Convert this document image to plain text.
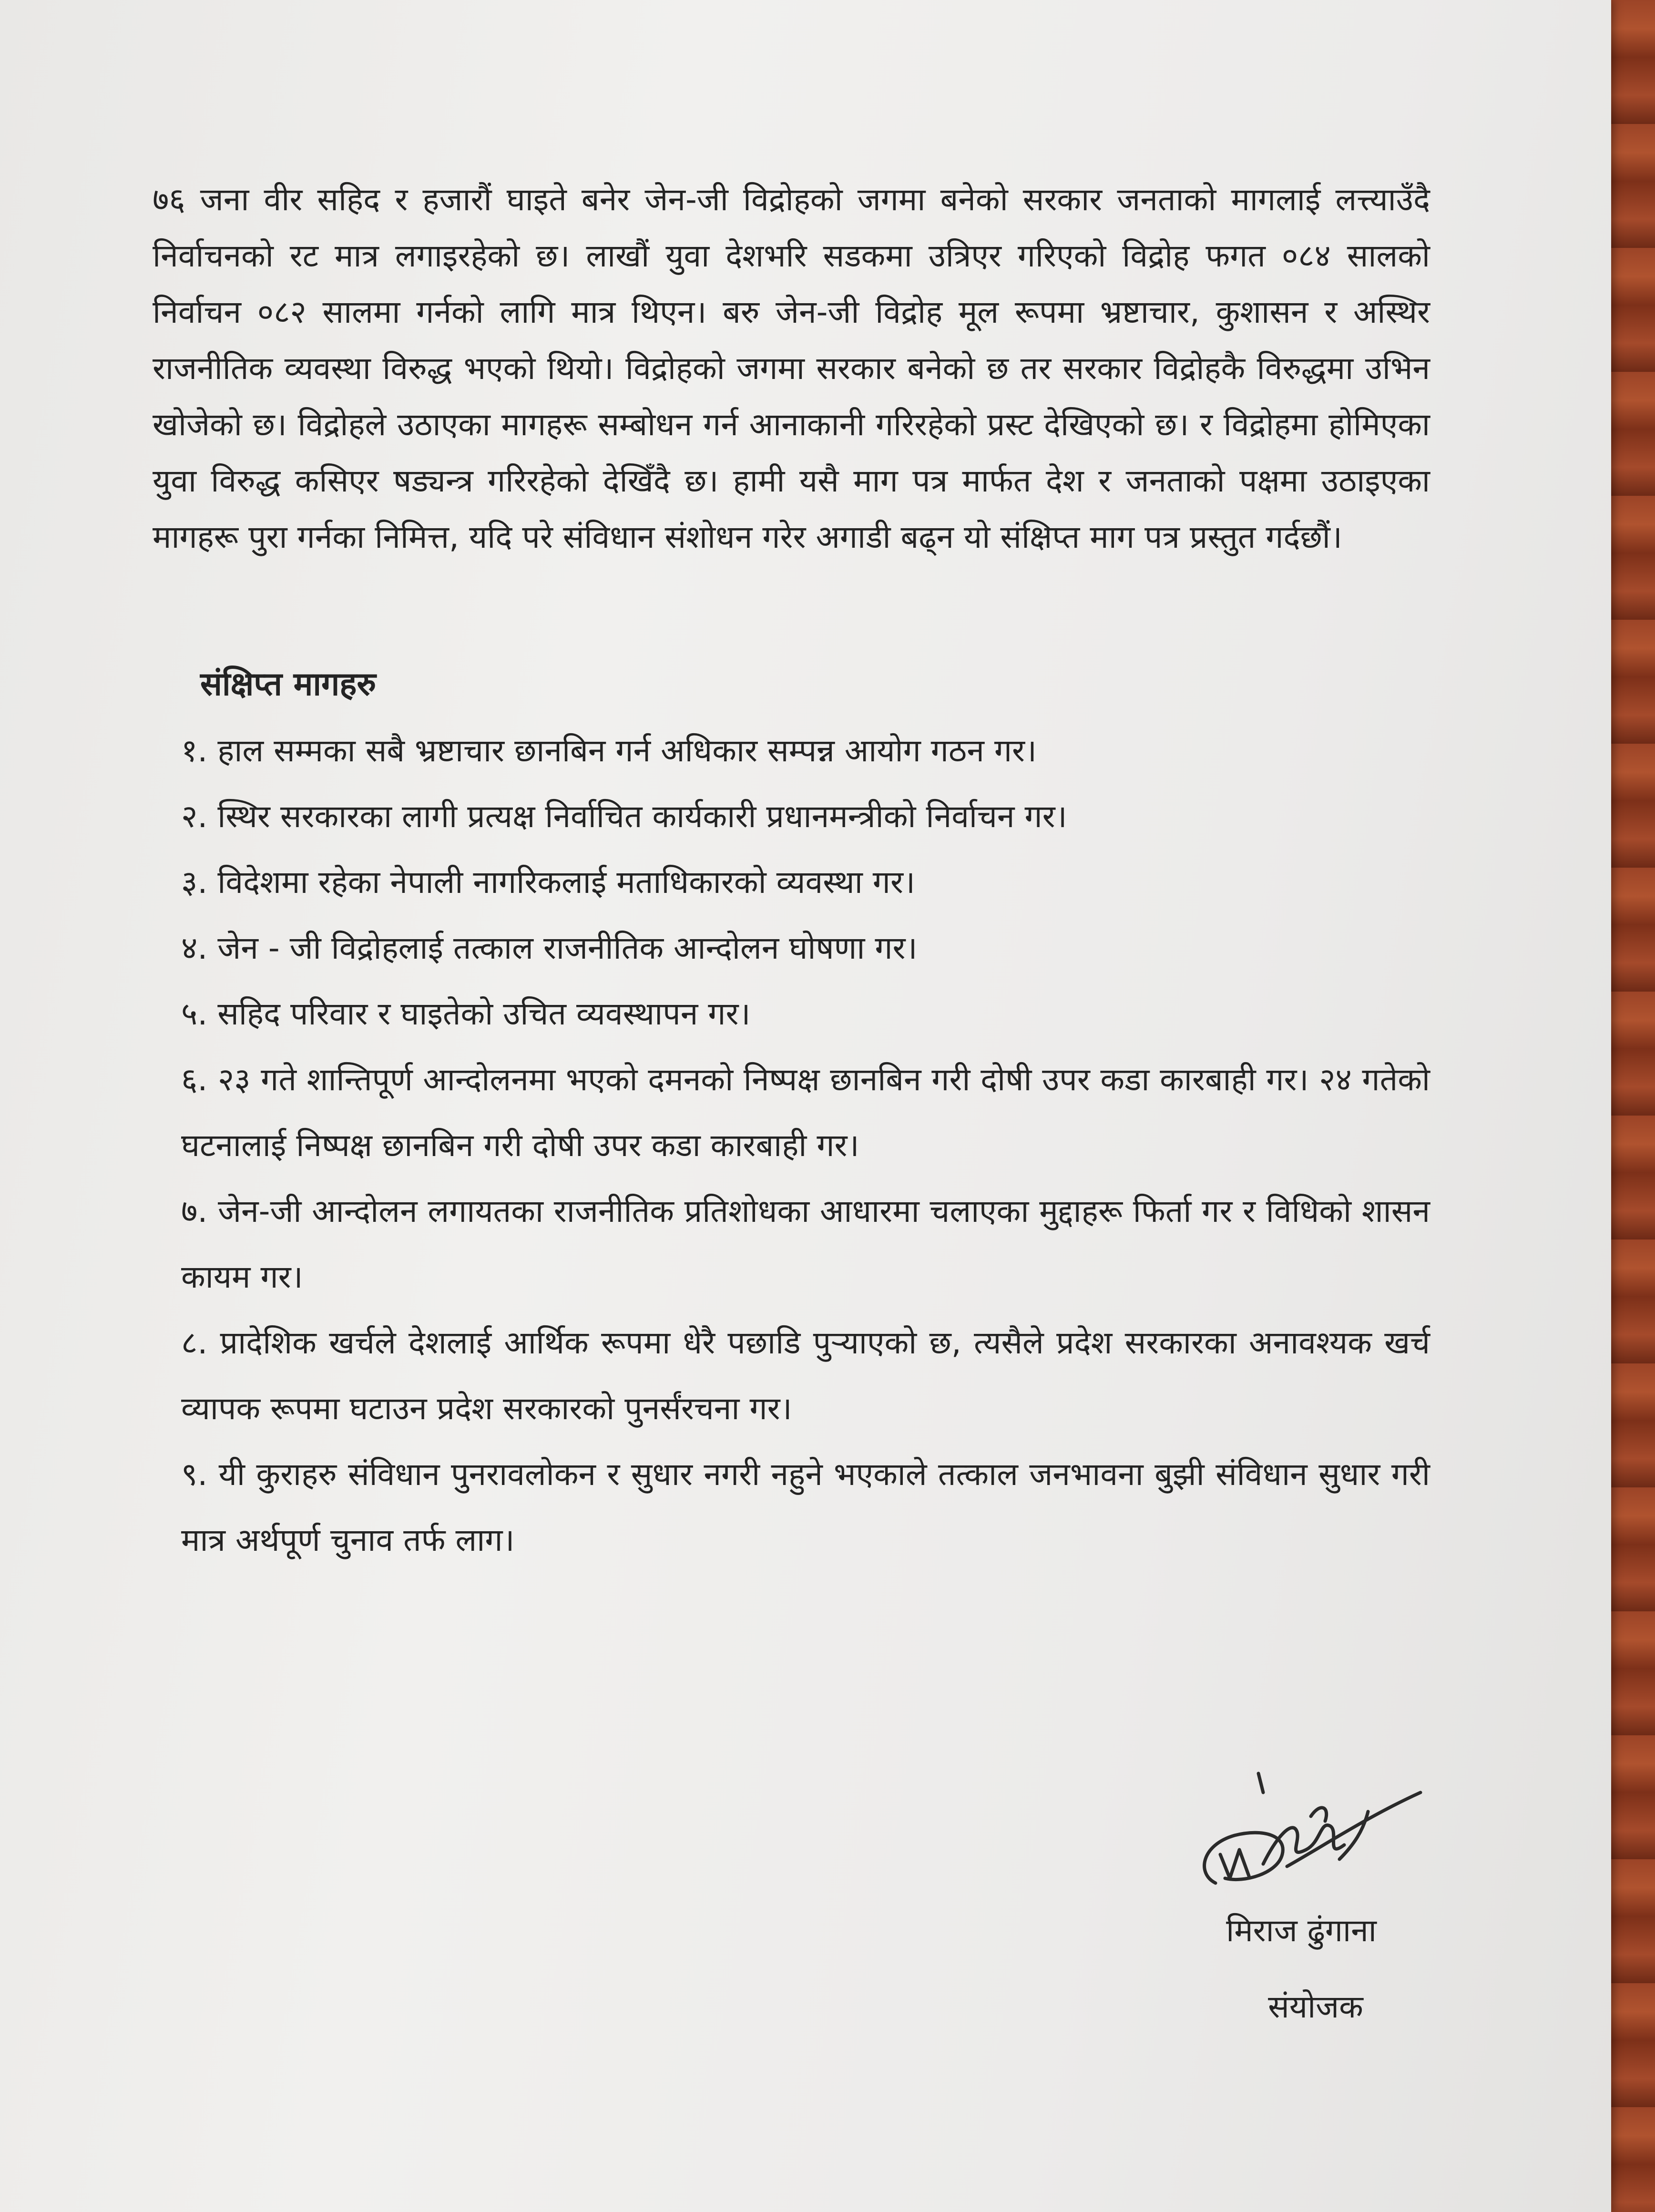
७६ जना वीर सहिद र हजारौं घाइते बनेर जेन-जी विद्रोहको जगमा बनेको सरकार जनताको मागलाई लत्त्याउँदै निर्वाचनको रट मात्र लगाइरहेको छ। लाखौं युवा देशभरि सडकमा उत्रिएर गरिएको विद्रोह फगत ०८४ सालको निर्वाचन ०८२ सालमा गर्नको लागि मात्र थिएन। बरु जेन-जी विद्रोह मूल रूपमा भ्रष्टाचार, कुशासन र अस्थिर राजनीतिक व्यवस्था विरुद्ध भएको थियो। विद्रोहको जगमा सरकार बनेको छ तर सरकार विद्रोहकै विरुद्धमा उभिन खोजेको छ। विद्रोहले उठाएका मागहरू सम्बोधन गर्न आनाकानी गरिरहेको प्रस्ट देखिएको छ। र विद्रोहमा होमिएका युवा विरुद्ध कसिएर षड्यन्त्र गरिरहेको देखिँदै छ। हामी यसै माग पत्र मार्फत देश र जनताको पक्षमा उठाइएका मागहरू पुरा गर्नका निमित्त, यदि परे संविधान संशोधन गरेर अगाडी बढ्न यो संक्षिप्त माग पत्र प्रस्तुत गर्दछौं।

संक्षिप्त मागहरु
१. हाल सम्मका सबै भ्रष्टाचार छानबिन गर्न अधिकार सम्पन्न आयोग गठन गर।
२. स्थिर सरकारका लागी प्रत्यक्ष निर्वाचित कार्यकारी प्रधानमन्त्रीको निर्वाचन गर।
३. विदेशमा रहेका नेपाली नागरिकलाई मताधिकारको व्यवस्था गर।
४. जेन - जी विद्रोहलाई तत्काल राजनीतिक आन्दोलन घोषणा गर।
५. सहिद परिवार र घाइतेको उचित व्यवस्थापन गर।
६. २३ गते शान्तिपूर्ण आन्दोलनमा भएको दमनको निष्पक्ष छानबिन गरी दोषी उपर कडा कारबाही गर। २४ गतेको घटनालाई निष्पक्ष छानबिन गरी दोषी उपर कडा कारबाही गर।
७. जेन-जी आन्दोलन लगायतका राजनीतिक प्रतिशोधका आधारमा चलाएका मुद्दाहरू फिर्ता गर र विधिको शासन कायम गर।
८. प्रादेशिक खर्चले देशलाई आर्थिक रूपमा धेरै पछाडि पुऱ्याएको छ, त्यसैले प्रदेश सरकारका अनावश्यक खर्च व्यापक रूपमा घटाउन प्रदेश सरकारको पुनर्संरचना गर।
९. यी कुराहरु संविधान पुनरावलोकन र सुधार नगरी नहुने भएकाले तत्काल जनभावना बुझी संविधान सुधार गरी मात्र अर्थपूर्ण चुनाव तर्फ लाग।
मिराज ढुंगाना
संयोजक
